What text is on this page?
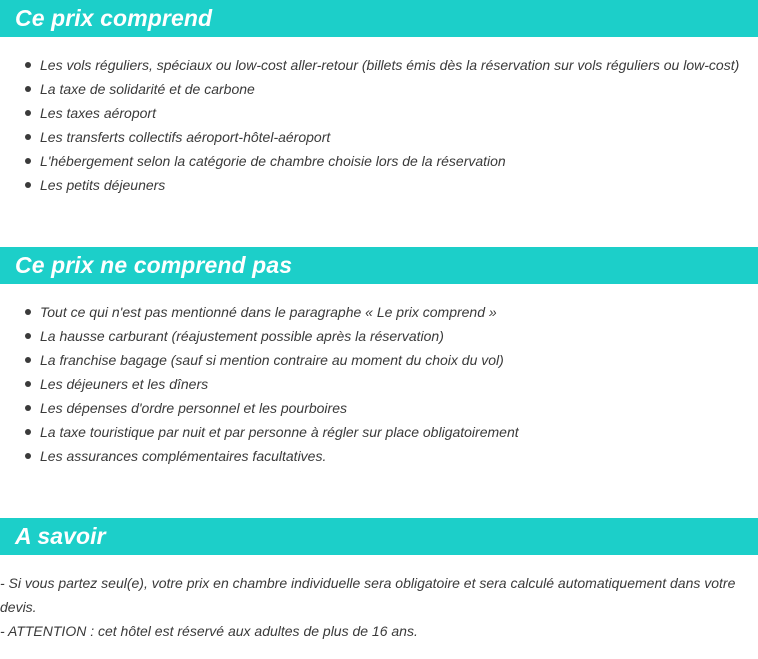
Ce prix comprend
Les vols réguliers, spéciaux ou low-cost aller-retour (billets émis dès la réservation sur vols réguliers ou low-cost)
La taxe de solidarité et de carbone
Les taxes aéroport
Les transferts collectifs aéroport-hôtel-aéroport
L'hébergement selon la catégorie de chambre choisie lors de la réservation
Les petits déjeuners
Ce prix ne comprend pas
Tout ce qui n'est pas mentionné dans le paragraphe « Le prix comprend »
La hausse carburant (réajustement possible après la réservation)
La franchise bagage (sauf si mention contraire au moment du choix du vol)
Les déjeuners et les dîners
Les dépenses d'ordre personnel et les pourboires
La taxe touristique par nuit et par personne à régler sur place obligatoirement
Les assurances complémentaires facultatives.
A savoir

- Si vous partez seul(e), votre prix en chambre individuelle sera obligatoire et sera calculé automatiquement dans votre devis.

- ATTENTION : cet hôtel est réservé aux adultes de plus de 16 ans.
